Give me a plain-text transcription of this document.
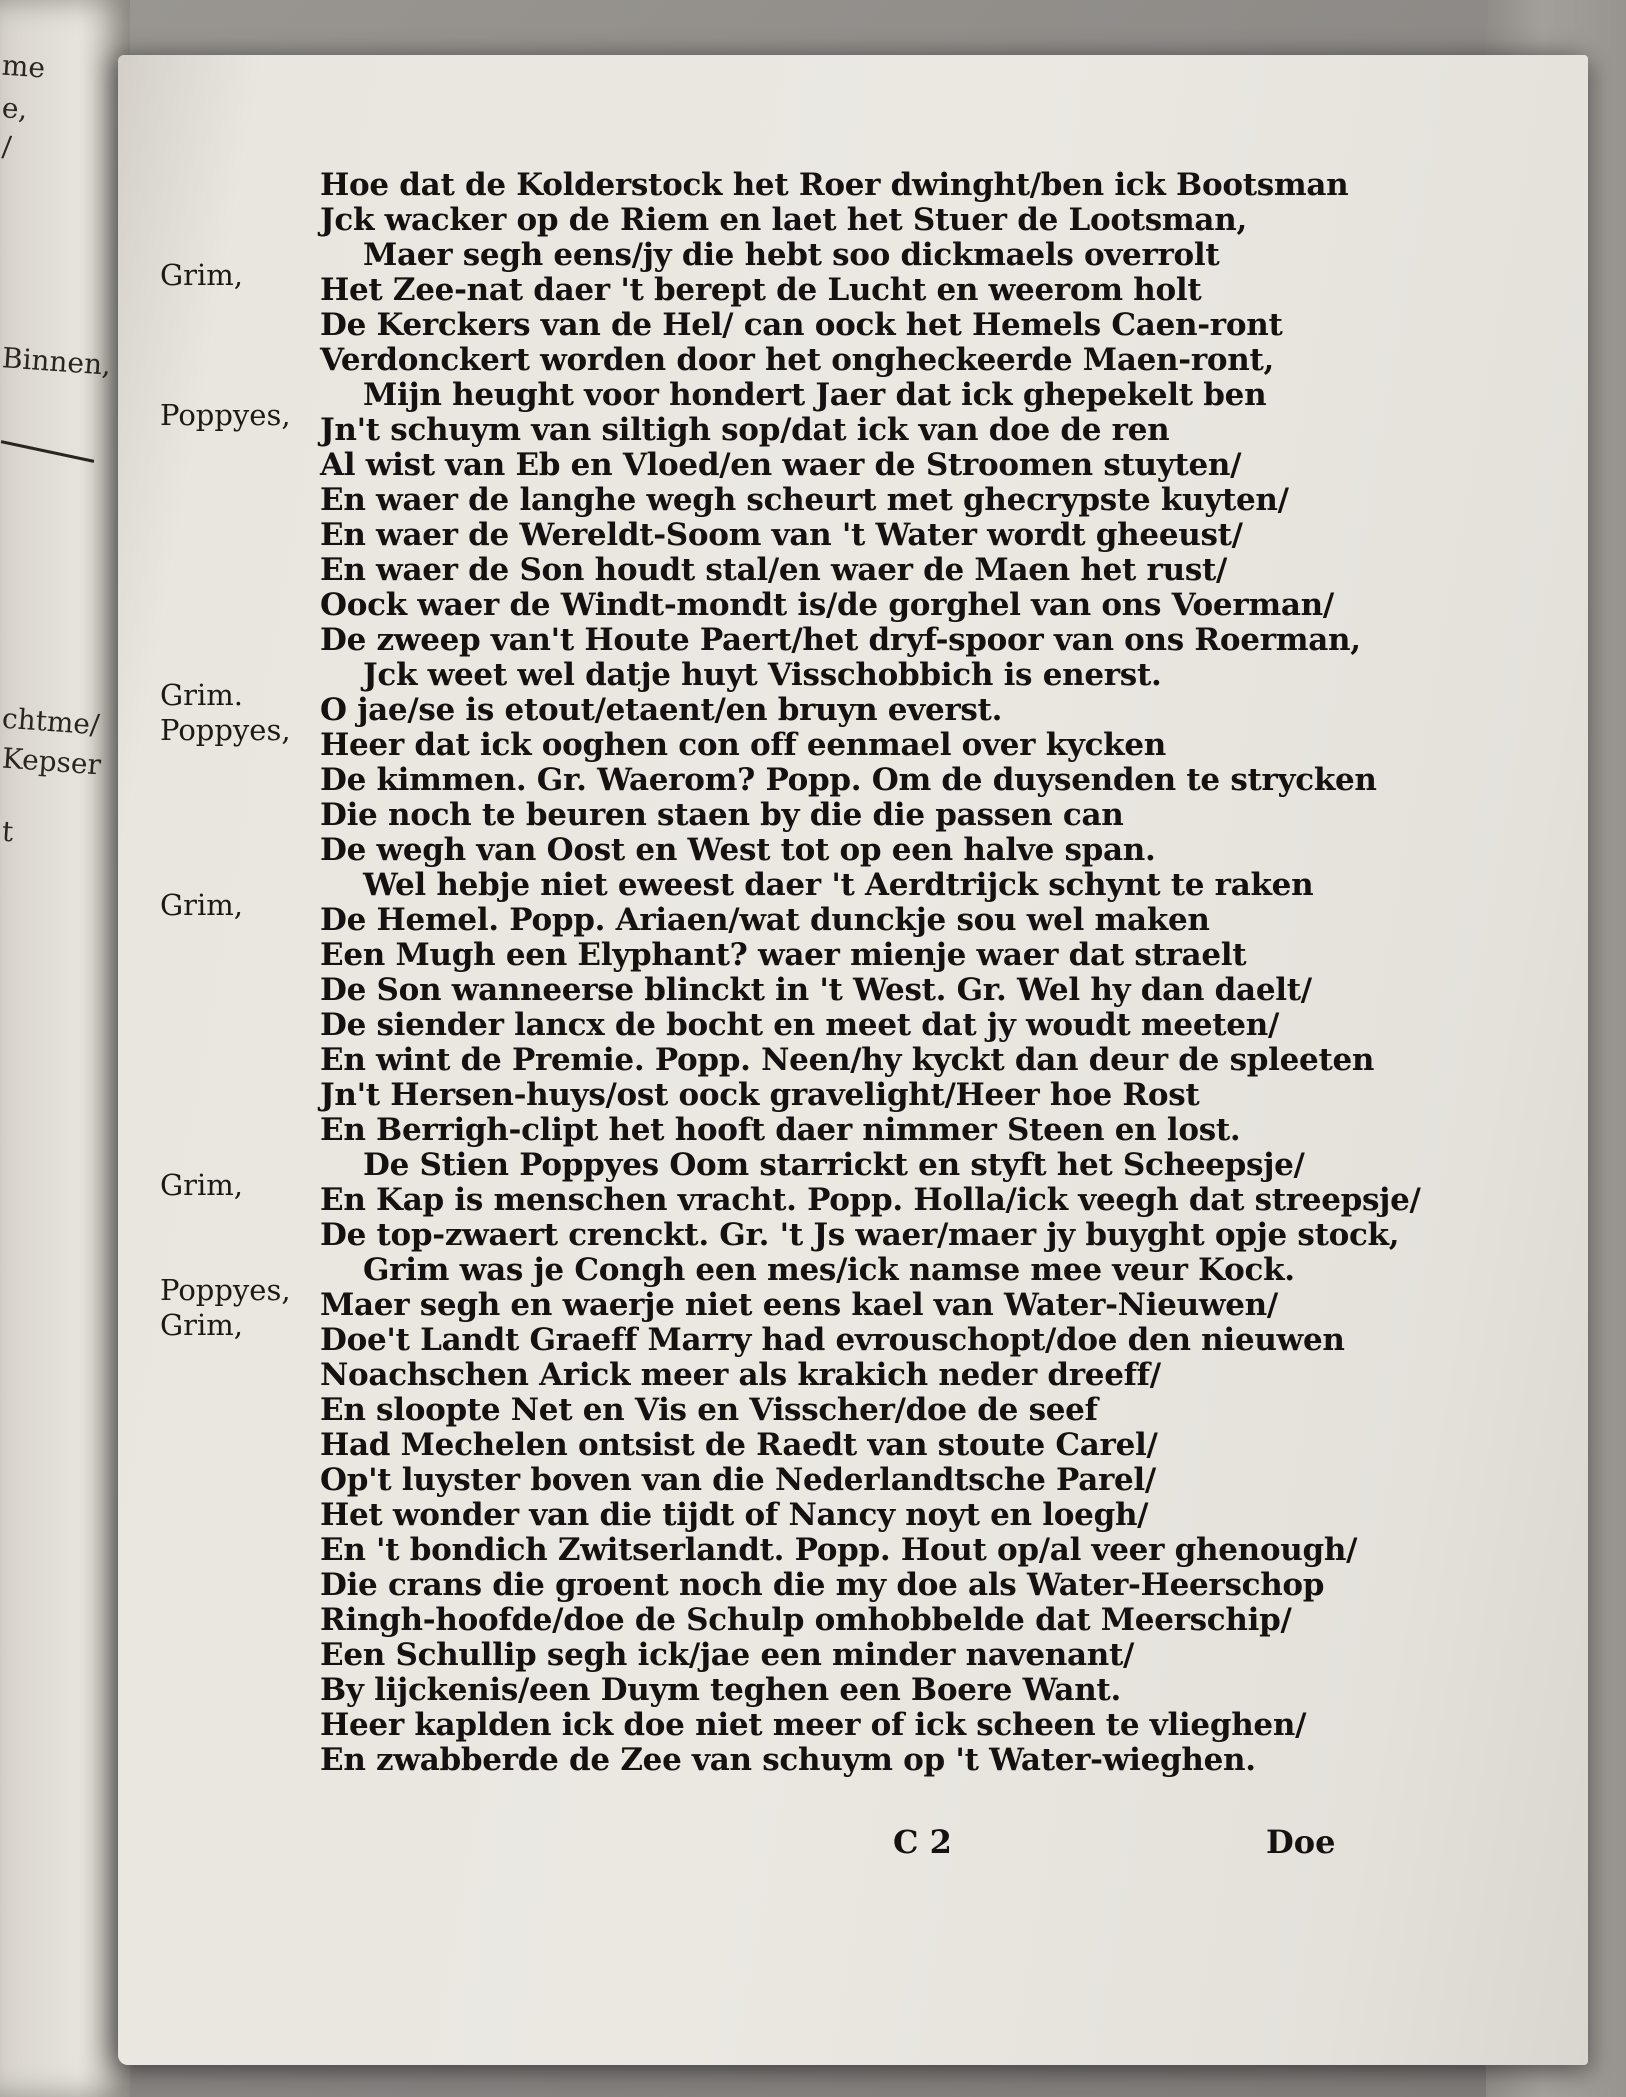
me
e,
/
Binnen,
chtme/
Kepser
t
Grim,
Poppyes,
Grim.
Poppyes,
Grim,
Grim,
Poppyes,
Grim,
Hoe dat de Kolderstock het Roer dwinght/ben ick Bootsman
Jck wacker op de Riem en laet het Stuer de Lootsman,
Maer segh eens/jy die hebt soo dickmaels overrolt
Het Zee-nat daer 't berept de Lucht en weerom holt
De Kerckers van de Hel/ can oock het Hemels Caen-ront
Verdonckert worden door het ongheckeerde Maen-ront,
Mijn heught voor hondert Jaer dat ick ghepekelt ben
Jn't schuym van siltigh sop/dat ick van doe de ren
Al wist van Eb en Vloed/en waer de Stroomen stuyten/
En waer de langhe wegh scheurt met ghecrypste kuyten/
En waer de Wereldt-Soom van 't Water wordt gheeust/
En waer de Son houdt stal/en waer de Maen het rust/
Oock waer de Windt-mondt is/de gorghel van ons Voerman/
De zweep van't Houte Paert/het dryf-spoor van ons Roerman,
Jck weet wel datje huyt Visschobbich is enerst.
O jae/se is etout/etaent/en bruyn everst.
Heer dat ick ooghen con off eenmael over kycken
De kimmen. Gr. Waerom? Popp. Om de duysenden te strycken
Die noch te beuren staen by die die passen can
De wegh van Oost en West tot op een halve span.
Wel hebje niet eweest daer 't Aerdtrijck schynt te raken
De Hemel. Popp. Ariaen/wat dunckje sou wel maken
Een Mugh een Elyphant? waer mienje waer dat straelt
De Son wanneerse blinckt in 't West. Gr. Wel hy dan daelt/
De siender lancx de bocht en meet dat jy woudt meeten/
En wint de Premie. Popp. Neen/hy kyckt dan deur de spleeten
Jn't Hersen-huys/ost oock gravelight/Heer hoe Rost
En Berrigh-clipt het hooft daer nimmer Steen en lost.
De Stien Poppyes Oom starrickt en styft het Scheepsje/
En Kap is menschen vracht. Popp. Holla/ick veegh dat streepsje/
De top-zwaert crenckt. Gr. 't Js waer/maer jy buyght opje stock,
Grim was je Congh een mes/ick namse mee veur Kock.
Maer segh en waerje niet eens kael van Water-Nieuwen/
Doe't Landt Graeff Marry had evrouschopt/doe den nieuwen
Noachschen Arick meer als krakich neder dreeff/
En sloopte Net en Vis en Visscher/doe de seef
Had Mechelen ontsist de Raedt van stoute Carel/
Op't luyster boven van die Nederlandtsche Parel/
Het wonder van die tijdt of Nancy noyt en loegh/
En 't bondich Zwitserlandt. Popp. Hout op/al veer ghenough/
Die crans die groent noch die my doe als Water-Heerschop
Ringh-hoofde/doe de Schulp omhobbelde dat Meerschip/
Een Schullip segh ick/jae een minder navenant/
By lijckenis/een Duym teghen een Boere Want.
Heer kaplden ick doe niet meer of ick scheen te vlieghen/
En zwabberde de Zee van schuym op 't Water-wieghen.
C 2	Doe
